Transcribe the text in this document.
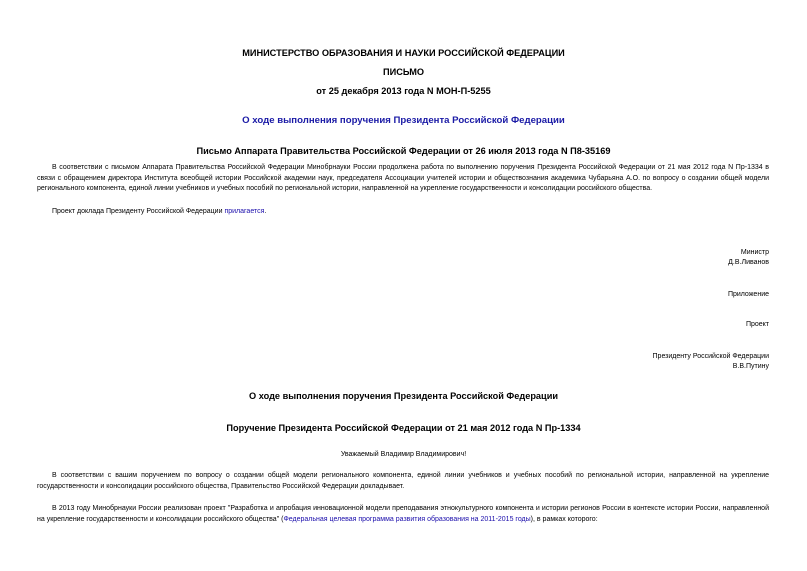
МИНИСТЕРСТВО ОБРАЗОВАНИЯ И НАУКИ РОССИЙСКОЙ ФЕДЕРАЦИИ
ПИСЬМО
от 25 декабря 2013 года N МОН-П-5255
О ходе выполнения поручения Президента Российской Федерации
Письмо Аппарата Правительства Российской Федерации от 26 июля 2013 года N П8-35169
В соответствии с письмом Аппарата Правительства Российской Федерации Минобрнауки России продолжена работа по выполнению поручения Президента Российской Федерации от 21 мая 2012 года N Пр-1334 в связи с обращением директора Института всеобщей истории Российской академии наук, председателя Ассоциации учителей истории и обществознания академика Чубарьяна А.О. по вопросу о создании общей модели регионального компонента, единой линии учебников и учебных пособий по региональной истории, направленной на укрепление государственности и консолидации российского общества.
Проект доклада Президенту Российской Федерации прилагается.
Министр
Д.В.Ливанов
Приложение
Проект
Президенту Российской Федерации
В.В.Путину
О ходе выполнения поручения Президента Российской Федерации
Поручение Президента Российской Федерации от 21 мая 2012 года N Пр-1334
Уважаемый Владимир Владимирович!
В соответствии с вашим поручением по вопросу о создании общей модели регионального компонента, единой линии учебников и учебных пособий по региональной истории, направленной на укрепление государственности и консолидации российского общества, Правительство Российской Федерации докладывает.
В 2013 году Минобрнауки России реализован проект "Разработка и апробация инновационной модели преподавания этнокультурного компонента и истории регионов России в контексте истории России, направленной на укрепление государственности и консолидации российского общества" (Федеральная целевая программа развития образования на 2011-2015 годы), в рамках которого:
